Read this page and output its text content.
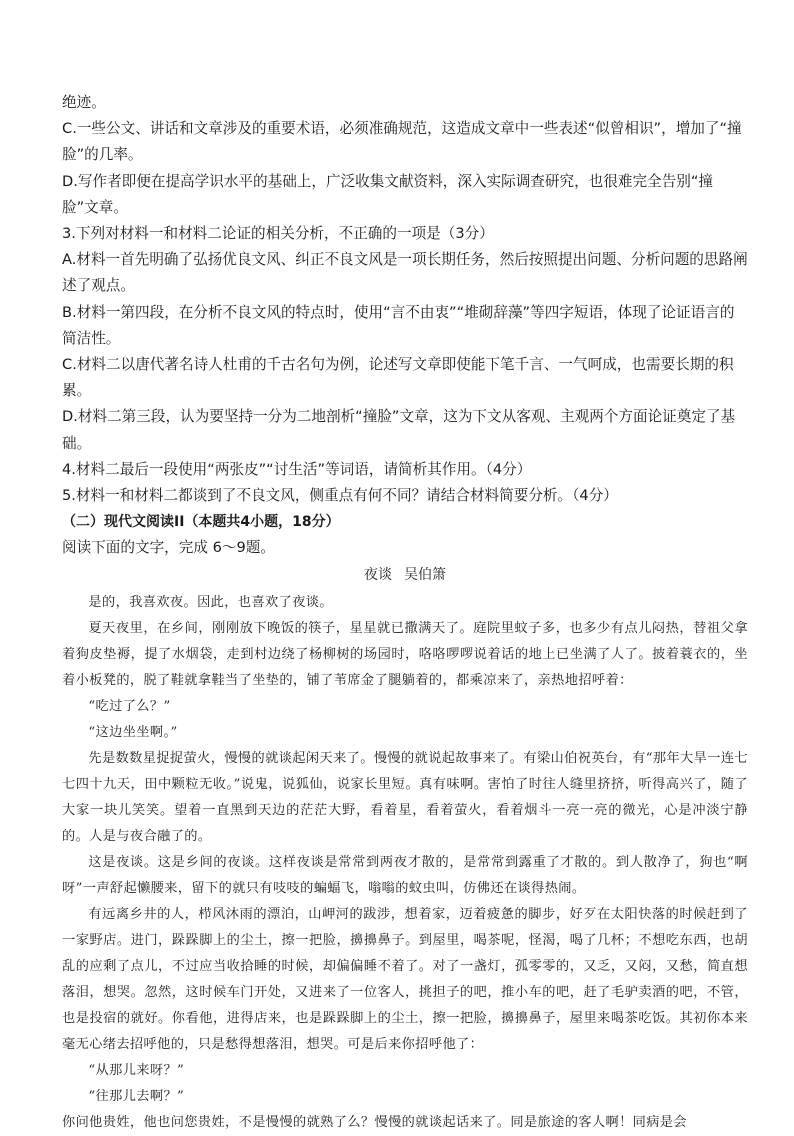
绝迹。

C.一些公文、讲话和文章涉及的重要术语，必须准确规范，这造成文章中一些表述“似曾相识”，增加了“撞脸”的几率。

D.写作者即便在提高学识水平的基础上，广泛收集文献资料，深入实际调查研究，也很难完全告别“撞脸”文章。

3.下列对材料一和材料二论证的相关分析，不正确的一项是（3分）

A.材料一首先明确了弘扬优良文风、纠正不良文风是一项长期任务，然后按照提出问题、分析问题的思路阐述了观点。

B.材料一第四段，在分析不良文风的特点时，使用“言不由衷”“堆砌辞藻”等四字短语，体现了论证语言的简洁性。

C.材料二以唐代著名诗人杜甫的千古名句为例，论述写文章即使能下笔千言、一气呵成，也需要长期的积累。

D.材料二第三段，认为要坚持一分为二地剖析“撞脸”文章，这为下文从客观、主观两个方面论证奠定了基础。

4.材料二最后一段使用“两张皮”“讨生活”等词语，请简析其作用。（4分）

5.材料一和材料二都谈到了不良文风，侧重点有何不同？请结合材料简要分析。（4分）

（二）现代文阅读II（本题共4小题，18分）

阅读下面的文字，完成 6～9题。

夜谈 吴伯箫

是的，我喜欢夜。因此，也喜欢了夜谈。

夏天夜里，在乡间，刚刚放下晚饭的筷子，星星就已撒满天了。庭院里蚊子多，也多少有点儿闷热，替祖父拿着狗皮垫褥，提了水烟袋，走到村边绕了杨柳树的场园时，咯咯啰啰说着话的地上已坐满了人了。披着蓑衣的，坐着小板凳的，脱了鞋就拿鞋当了坐垫的，铺了苇席金了腿躺着的，都乘凉来了，亲热地招呼着：

“吃过了么？”

“这边坐坐啊。”

先是数数星捉捉萤火，慢慢的就谈起闲天来了。慢慢的就说起故事来了。有梁山伯祝英台，有“那年大旱一连七七四十九天，田中颗粒无收。”说鬼，说狐仙，说家长里短。真有味啊。害怕了时往人缝里挤挤，听得高兴了，随了大家一块儿笑笑。望着一直黑到天边的茫茫大野，看着星，看着萤火，看着烟斗一亮一亮的微光，心是冲淡宁静的。人是与夜合融了的。

这是夜谈。这是乡间的夜谈。这样夜谈是常常到两夜才散的，是常常到露重了才散的。到人散净了，狗也“啊呀”一声舒起懒腰来，留下的就只有吱吱的蝙蝠飞，嗡嗡的蚊虫叫，仿佛还在谈得热闹。

有远离乡井的人，栉风沐雨的漂泊，山岬河的跋涉，想着家，迈着疲惫的脚步，好歹在太阳快落的时候赶到了一家野店。进门，跺跺脚上的尘土，擦一把脸，擤擤鼻子。到屋里，喝茶呢，怪渴，喝了几杯；不想吃东西，也胡乱的应剩了点儿，不过应当收拾睡的时候，却偏偏睡不着了。对了一盏灯，孤零零的，又乏，又闷，又愁，简直想落泪，想哭。忽然，这时候车门开处，又进来了一位客人，挑担子的吧，推小车的吧，赶了毛驴卖酒的吧，不管，也是投宿的就好。你看他，进得店来，也是跺跺脚上的尘土，擦一把脸，擤擤鼻子，屋里来喝茶吃饭。其初你本来毫无心绪去招呼他的，只是愁得想落泪，想哭。可是后来你招呼他了：

“从那儿来呀？”

“往那儿去啊？”

你问他贵姓，他也问您贵姓，不是慢慢的就熟了么？慢慢的就谈起话来了。同是旅途的客人啊！同病是会
